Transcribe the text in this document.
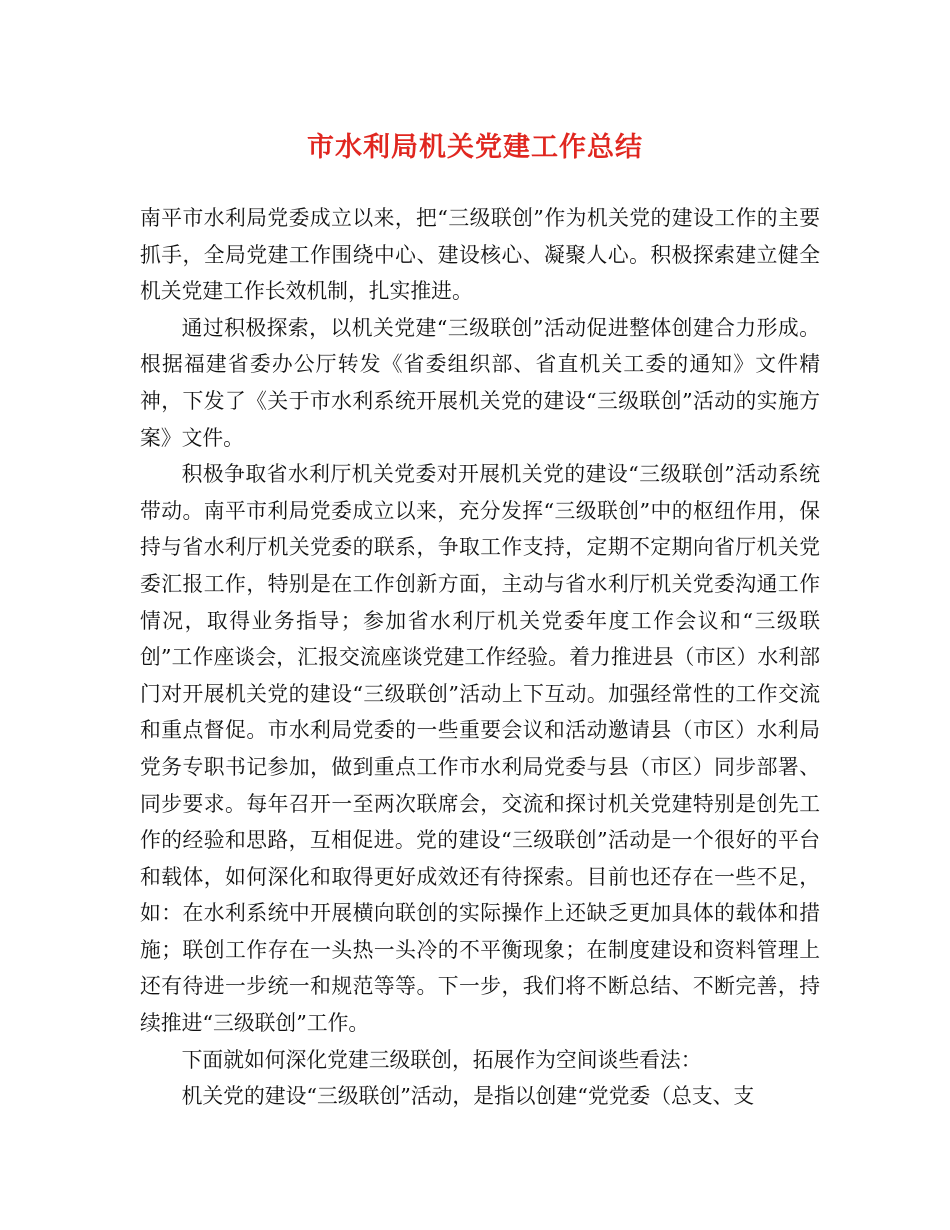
市水利局机关党建工作总结

南平市水利局党委成立以来，把“三级联创”作为机关党的建设工作的主要抓手，全局党建工作围绕中心、建设核心、凝聚人心。积极探索建立健全机关党建工作长效机制，扎实推进。

通过积极探索，以机关党建“三级联创”活动促进整体创建合力形成。根据福建省委办公厅转发《省委组织部、省直机关工委的通知》文件精神，下发了《关于市水利系统开展机关党的建设“三级联创”活动的实施方案》文件。

积极争取省水利厅机关党委对开展机关党的建设“三级联创”活动系统带动。南平市利局党委成立以来，充分发挥“三级联创”中的枢纽作用，保持与省水利厅机关党委的联系，争取工作支持，定期不定期向省厅机关党委汇报工作，特别是在工作创新方面，主动与省水利厅机关党委沟通工作情况，取得业务指导；参加省水利厅机关党委年度工作会议和“三级联创”工作座谈会，汇报交流座谈党建工作经验。着力推进县（市区）水利部门对开展机关党的建设“三级联创”活动上下互动。加强经常性的工作交流和重点督促。市水利局党委的一些重要会议和活动邀请县（市区）水利局党务专职书记参加，做到重点工作市水利局党委与县（市区）同步部署、同步要求。每年召开一至两次联席会，交流和探讨机关党建特别是创先工作的经验和思路，互相促进。党的建设“三级联创”活动是一个很好的平台和载体，如何深化和取得更好成效还有待探索。目前也还存在一些不足，如：在水利系统中开展横向联创的实际操作上还缺乏更加具体的载体和措施；联创工作存在一头热一头冷的不平衡现象；在制度建设和资料管理上还有待进一步统一和规范等等。下一步，我们将不断总结、不断完善，持续推进“三级联创”工作。

下面就如何深化党建三级联创，拓展作为空间谈些看法：

机关党的建设“三级联创”活动，是指以创建“党党委（总支、支
